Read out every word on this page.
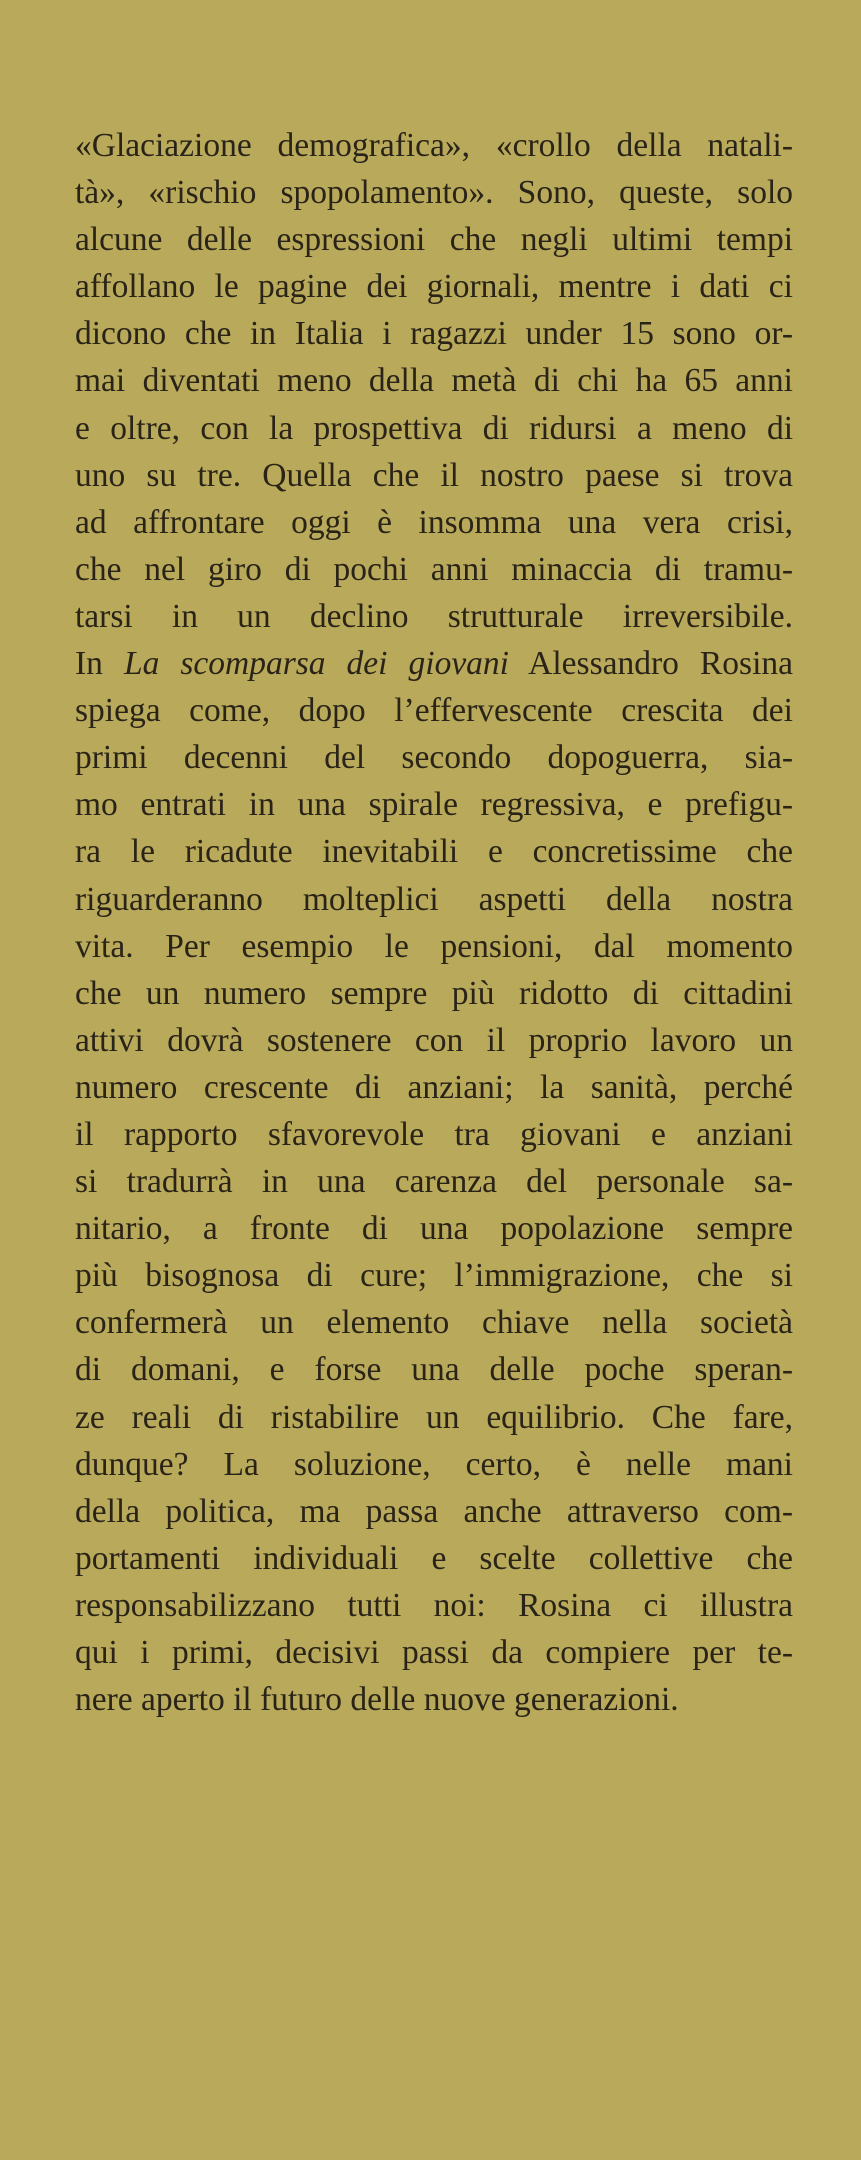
«Glaciazione demografica», «crollo della natali-
tà», «rischio spopolamento». Sono, queste, solo
alcune delle espressioni che negli ultimi tempi
affollano le pagine dei giornali, mentre i dati ci
dicono che in Italia i ragazzi under 15 sono or-
mai diventati meno della metà di chi ha 65 anni
e oltre, con la prospettiva di ridursi a meno di
uno su tre. Quella che il nostro paese si trova
ad affrontare oggi è insomma una vera crisi,
che nel giro di pochi anni minaccia di tramu-
tarsi in un declino strutturale irreversibile.
In La scomparsa dei giovani Alessandro Rosina
spiega come, dopo l’effervescente crescita dei
primi decenni del secondo dopoguerra, sia-
mo entrati in una spirale regressiva, e prefigu-
ra le ricadute inevitabili e concretissime che
riguarderanno molteplici aspetti della nostra
vita. Per esempio le pensioni, dal momento
che un numero sempre più ridotto di cittadini
attivi dovrà sostenere con il proprio lavoro un
numero crescente di anziani; la sanità, perché
il rapporto sfavorevole tra giovani e anziani
si tradurrà in una carenza del personale sa-
nitario, a fronte di una popolazione sempre
più bisognosa di cure; l’immigrazione, che si
confermerà un elemento chiave nella società
di domani, e forse una delle poche speran-
ze reali di ristabilire un equilibrio. Che fare,
dunque? La soluzione, certo, è nelle mani
della politica, ma passa anche attraverso com-
portamenti individuali e scelte collettive che
responsabilizzano tutti noi: Rosina ci illustra
qui i primi, decisivi passi da compiere per te-
nere aperto il futuro delle nuove generazioni.
